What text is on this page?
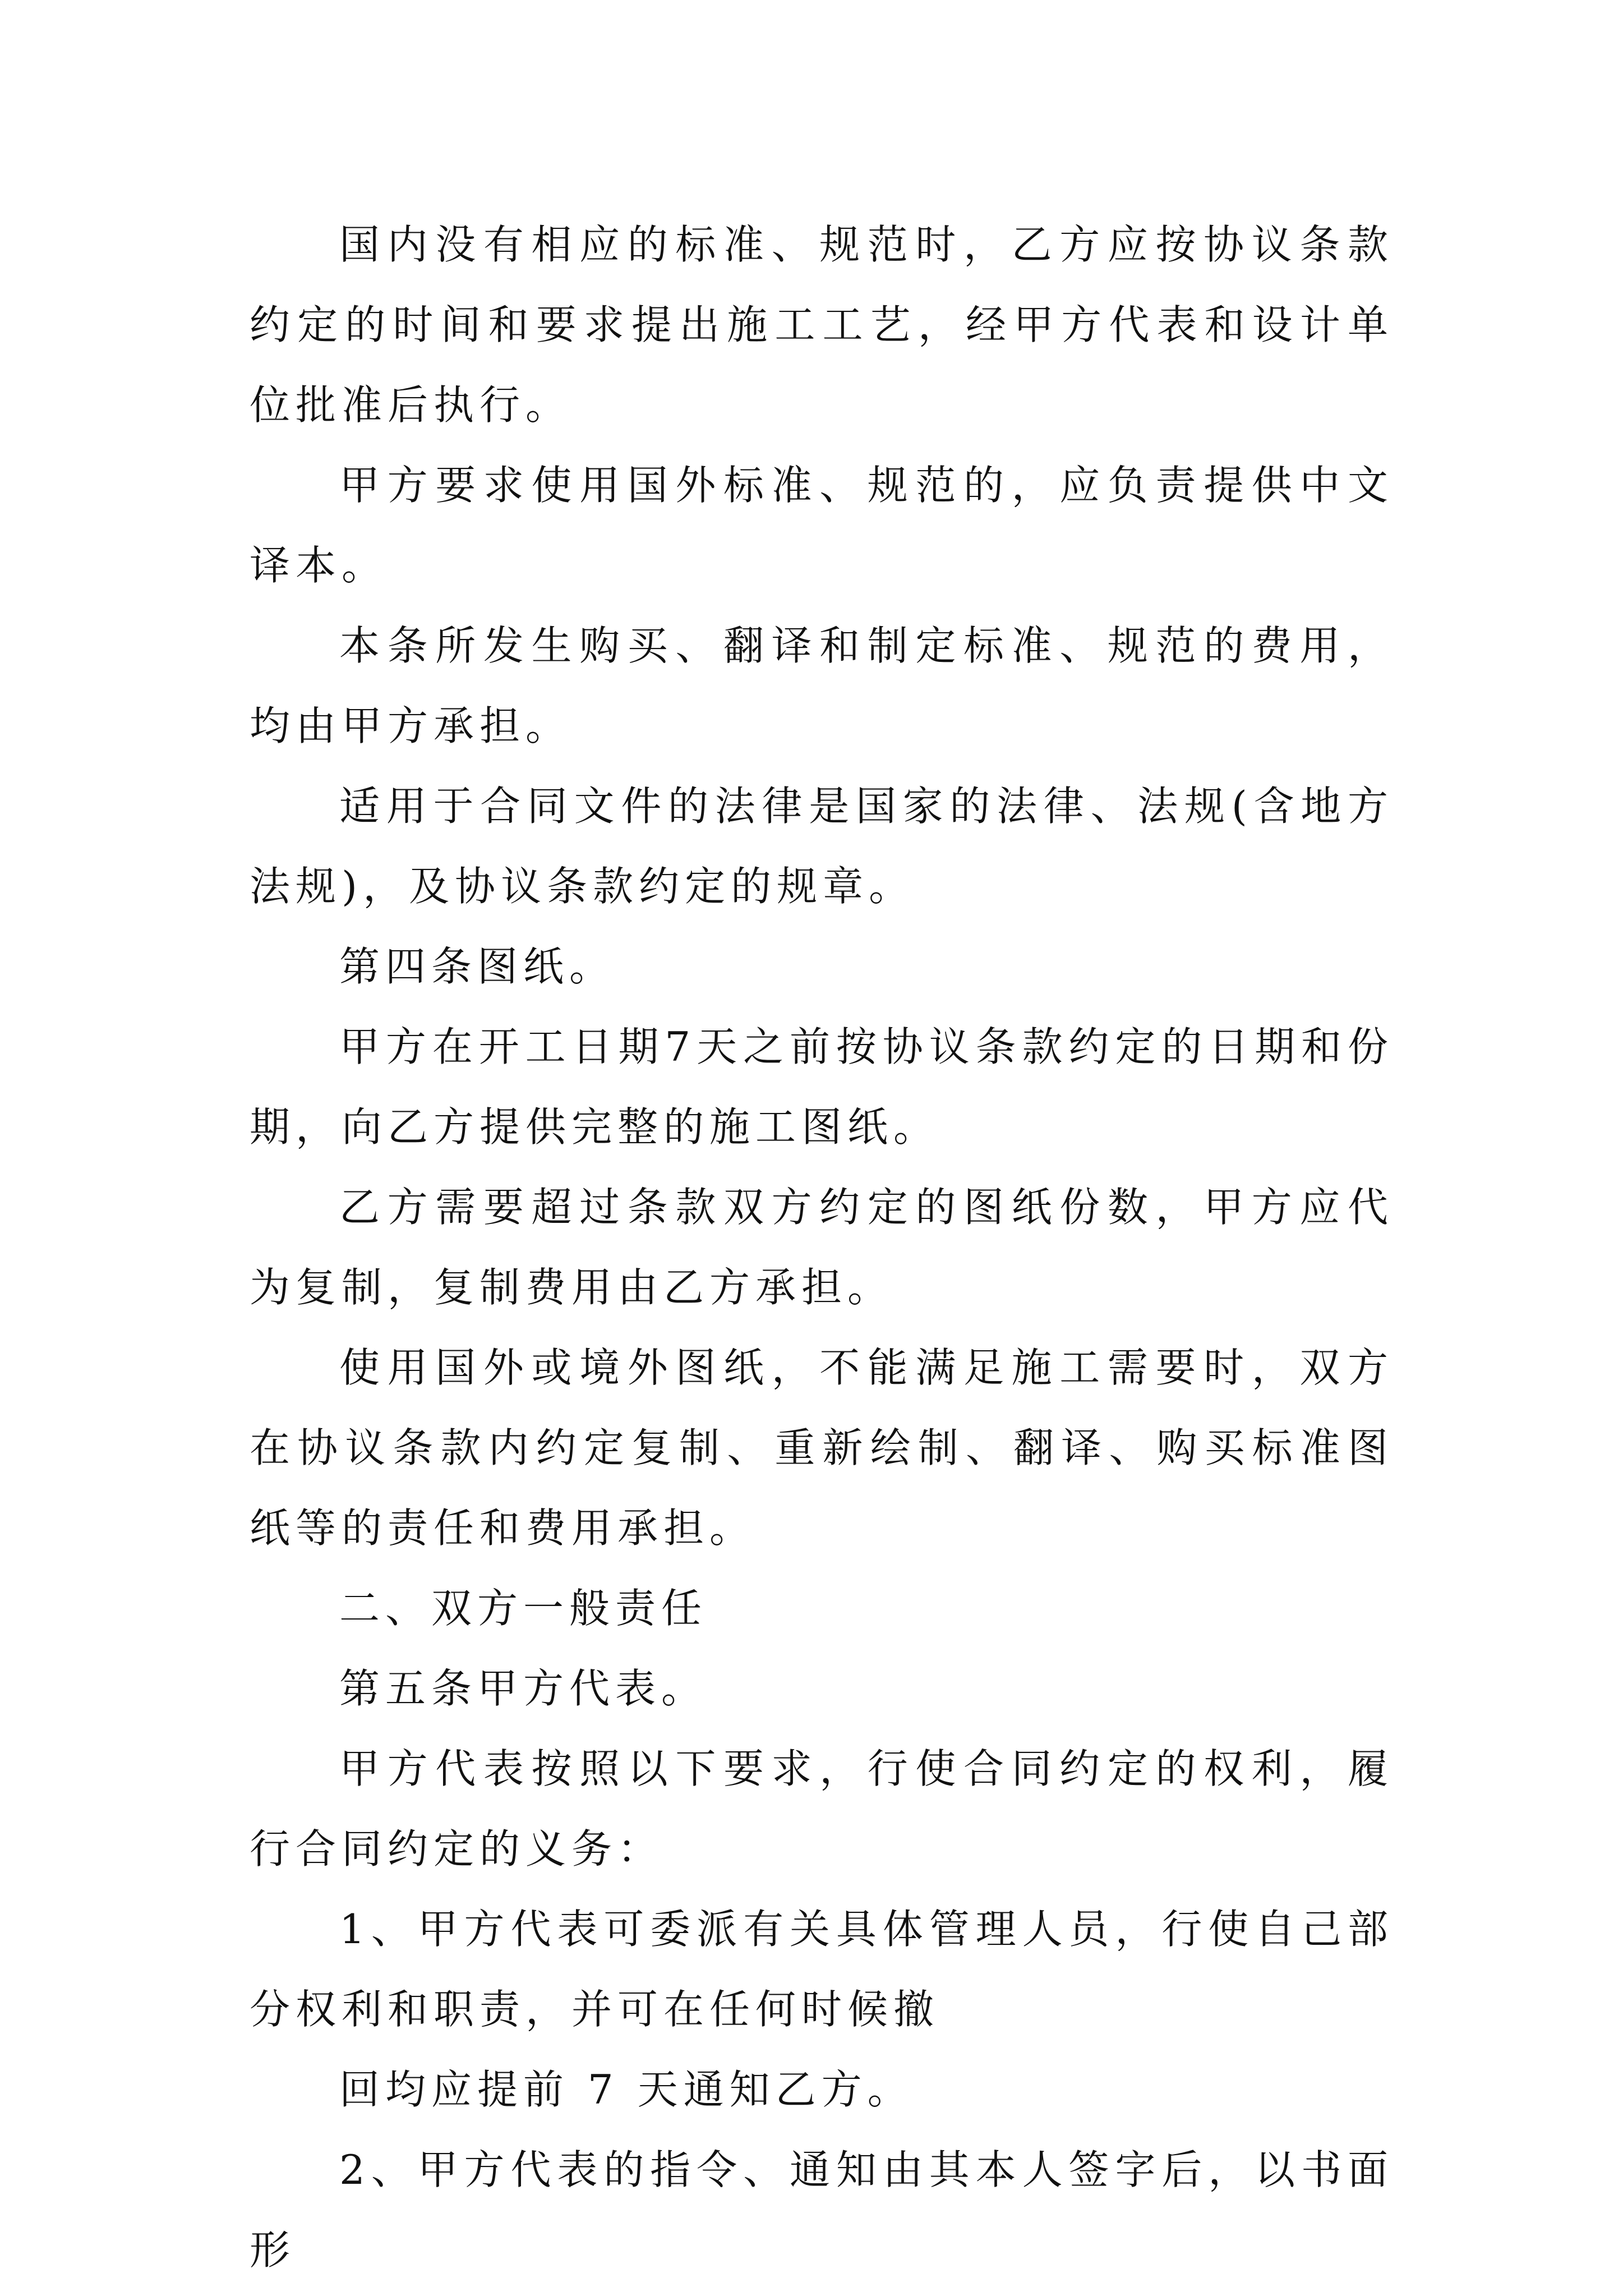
国内没有相应的标准、规范时，乙方应按协议条款约定的时间和要求提出施工工艺，经甲方代表和设计单位批准后执行。

甲方要求使用国外标准、规范的，应负责提供中文译本。

本条所发生购买、翻译和制定标准、规范的费用，均由甲方承担。

适用于合同文件的法律是国家的法律、法规(含地方法规)，及协议条款约定的规章。

第四条图纸。

甲方在开工日期7天之前按协议条款约定的日期和份期，向乙方提供完整的施工图纸。

乙方需要超过条款双方约定的图纸份数，甲方应代为复制，复制费用由乙方承担。

使用国外或境外图纸，不能满足施工需要时，双方在协议条款内约定复制、重新绘制、翻译、购买标准图纸等的责任和费用承担。

二、双方一般责任

第五条甲方代表。

甲方代表按照以下要求，行使合同约定的权利，履行合同约定的义务：

1、甲方代表可委派有关具体管理人员，行使自己部分权利和职责，并可在任何时候撤

回均应提前 7 天通知乙方。

2、甲方代表的指令、通知由其本人签字后，以书面形
